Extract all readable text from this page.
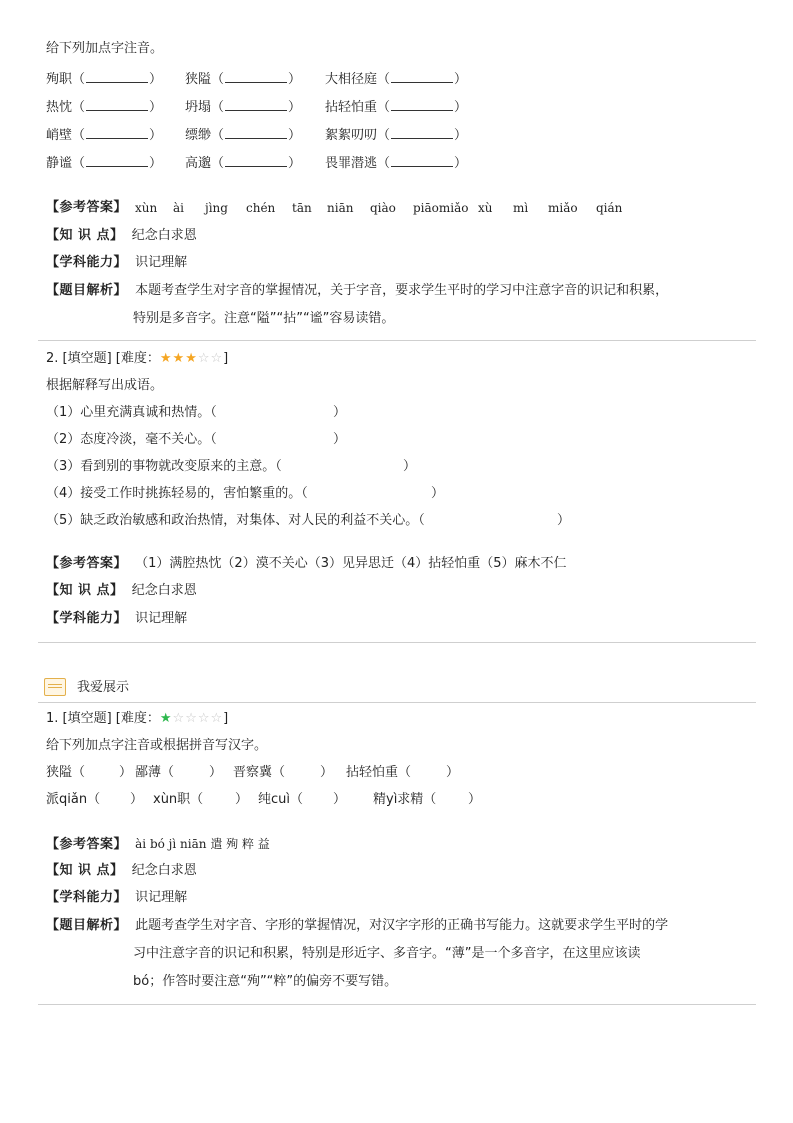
给下列加点字注音。
殉职（	） 狭隘（	） 大相径庭（	）
热忱（	） 坍塌（	） 拈轻怕重（	）
峭壁（	） 缥缈（	） 絮絮叨叨（	）
静谧（	） 高邈（	） 畏罪潜逃（	）
【参考答案】 xùn ài jìng chén tān niān qiào piāomiǎo xù mì miǎo qián
【知 识 点】 纪念白求恩
【学科能力】 识记理解
【题目解析】 本题考查学生对字音的掌握情况，关于字音，要求学生平时的学习中注意字音的识记和积累，
特别是多音字。注意“隘”“拈”“谧”容易读错。
2. [填空题] [难度：★★★☆☆]
根据解释写出成语。
（1）心里充满真诚和热情。（	）
（2）态度冷淡，毫不关心。（	）
（3）看到别的事物就改变原来的主意。（	）
（4）接受工作时挑拣轻易的，害怕繁重的。（	）
（5）缺乏政治敏感和政治热情，对集体、对人民的利益不关心。（	）
【参考答案】 （1）满腔热忱（2）漠不关心（3）见异思迁（4）拈轻怕重（5）麻木不仁
【知 识 点】 纪念白求恩
【学科能力】 识记理解
我爱展示
1. [填空题] [难度：★☆☆☆☆]
给下列加点字注音或根据拼音写汉字。
狭隘（	） 鄙薄（	） 晋察冀（	） 拈轻怕重（	）
派qiǎn（ ） xùn职（ ） 纯cuì（ ） 精yì求精（ ）
【参考答案】 ài bó jì niān 遣 殉 粹 益
【知 识 点】 纪念白求恩
【学科能力】 识记理解
【题目解析】 此题考查学生对字音、字形的掌握情况，对汉字字形的正确书写能力。这就要求学生平时的学
习中注意字音的识记和积累，特别是形近字、多音字。“薄”是一个多音字，在这里应该读
bó；作答时要注意“殉”“粹”的偏旁不要写错。
